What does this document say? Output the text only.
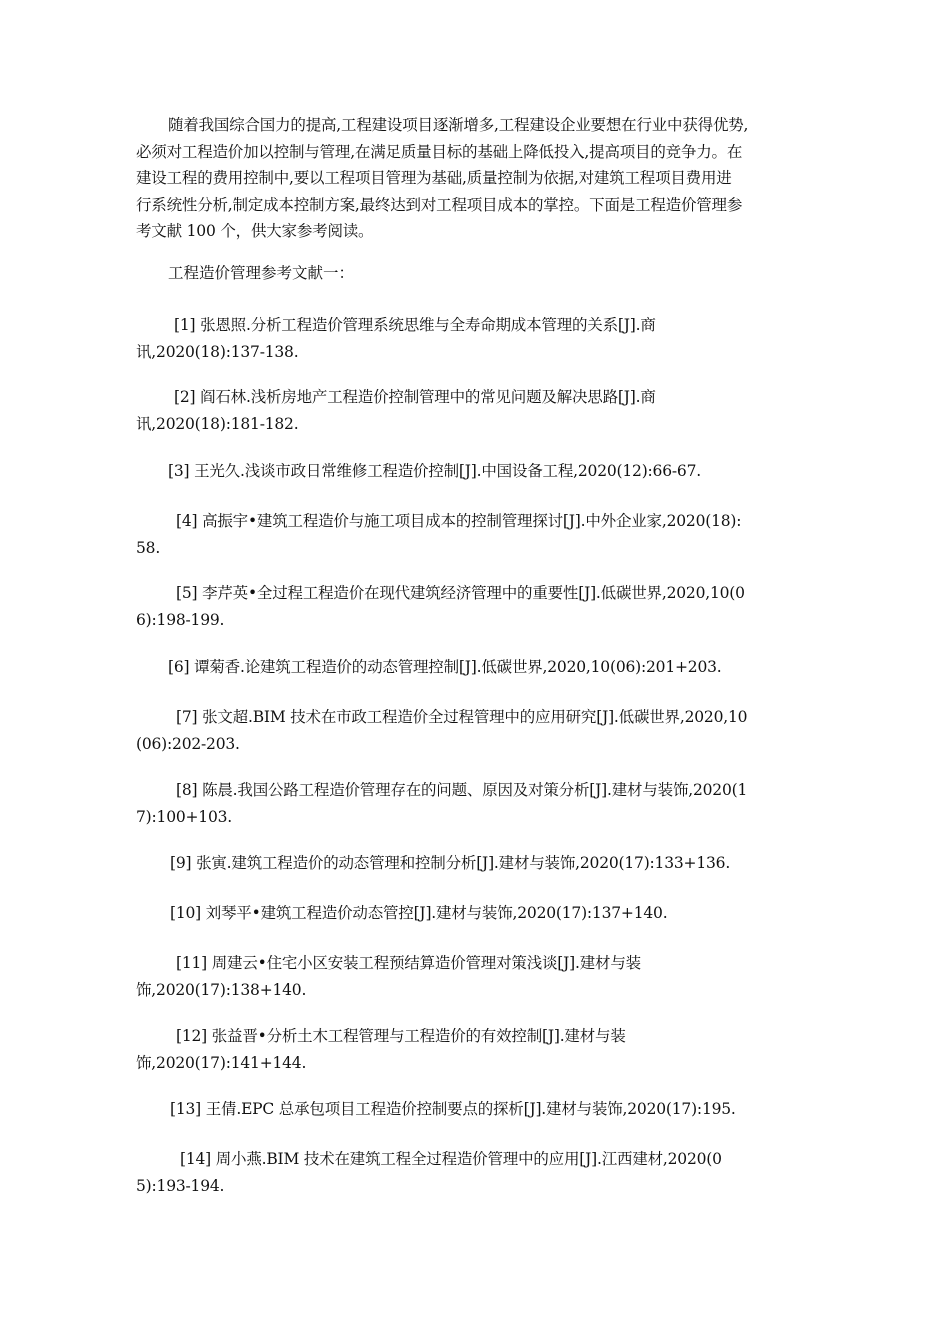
随着我国综合国力的提高,工程建设项目逐渐增多,工程建设企业要想在行业中获得优势,
必须对工程造价加以控制与管理,在满足质量目标的基础上降低投入,提高项目的竞争力。在
建设工程的费用控制中,要以工程项目管理为基础,质量控制为依据,对建筑工程项目费用进
行系统性分析,制定成本控制方案,最终达到对工程项目成本的掌控。下面是工程造价管理参
考文献 100 个，供大家参考阅读。
工程造价管理参考文献一：
[1] 张恩照.分析工程造价管理系统思维与全寿命期成本管理的关系[J].商
讯,2020(18):137-138.
[2] 阎石林.浅析房地产工程造价控制管理中的常见问题及解决思路[J].商
讯,2020(18):181-182.
[3] 王光久.浅谈市政日常维修工程造价控制[J].中国设备工程,2020(12):66-67.
[4] 高振宇•建筑工程造价与施工项目成本的控制管理探讨[J].中外企业家,2020(18):
58.
[5] 李芹英•全过程工程造价在现代建筑经济管理中的重要性[J].低碳世界,2020,10(0
6):198-199.
[6] 谭菊香.论建筑工程造价的动态管理控制[J].低碳世界,2020,10(06):201+203.
[7] 张文超.BIM 技术在市政工程造价全过程管理中的应用研究[J].低碳世界,2020,10
(06):202-203.
[8] 陈晨.我国公路工程造价管理存在的问题、原因及对策分析[J].建材与装饰,2020(1
7):100+103.
[9] 张寅.建筑工程造价的动态管理和控制分析[J].建材与装饰,2020(17):133+136.
[10] 刘琴平•建筑工程造价动态管控[J].建材与装饰,2020(17):137+140.
[11] 周建云•住宅小区安装工程预结算造价管理对策浅谈[J].建材与装
饰,2020(17):138+140.
[12] 张益晋•分析土木工程管理与工程造价的有效控制[J].建材与装
饰,2020(17):141+144.
[13] 王倩.EPC 总承包项目工程造价控制要点的探析[J].建材与装饰,2020(17):195.
[14] 周小燕.BIM 技术在建筑工程全过程造价管理中的应用[J].江西建材,2020(0
5):193-194.
